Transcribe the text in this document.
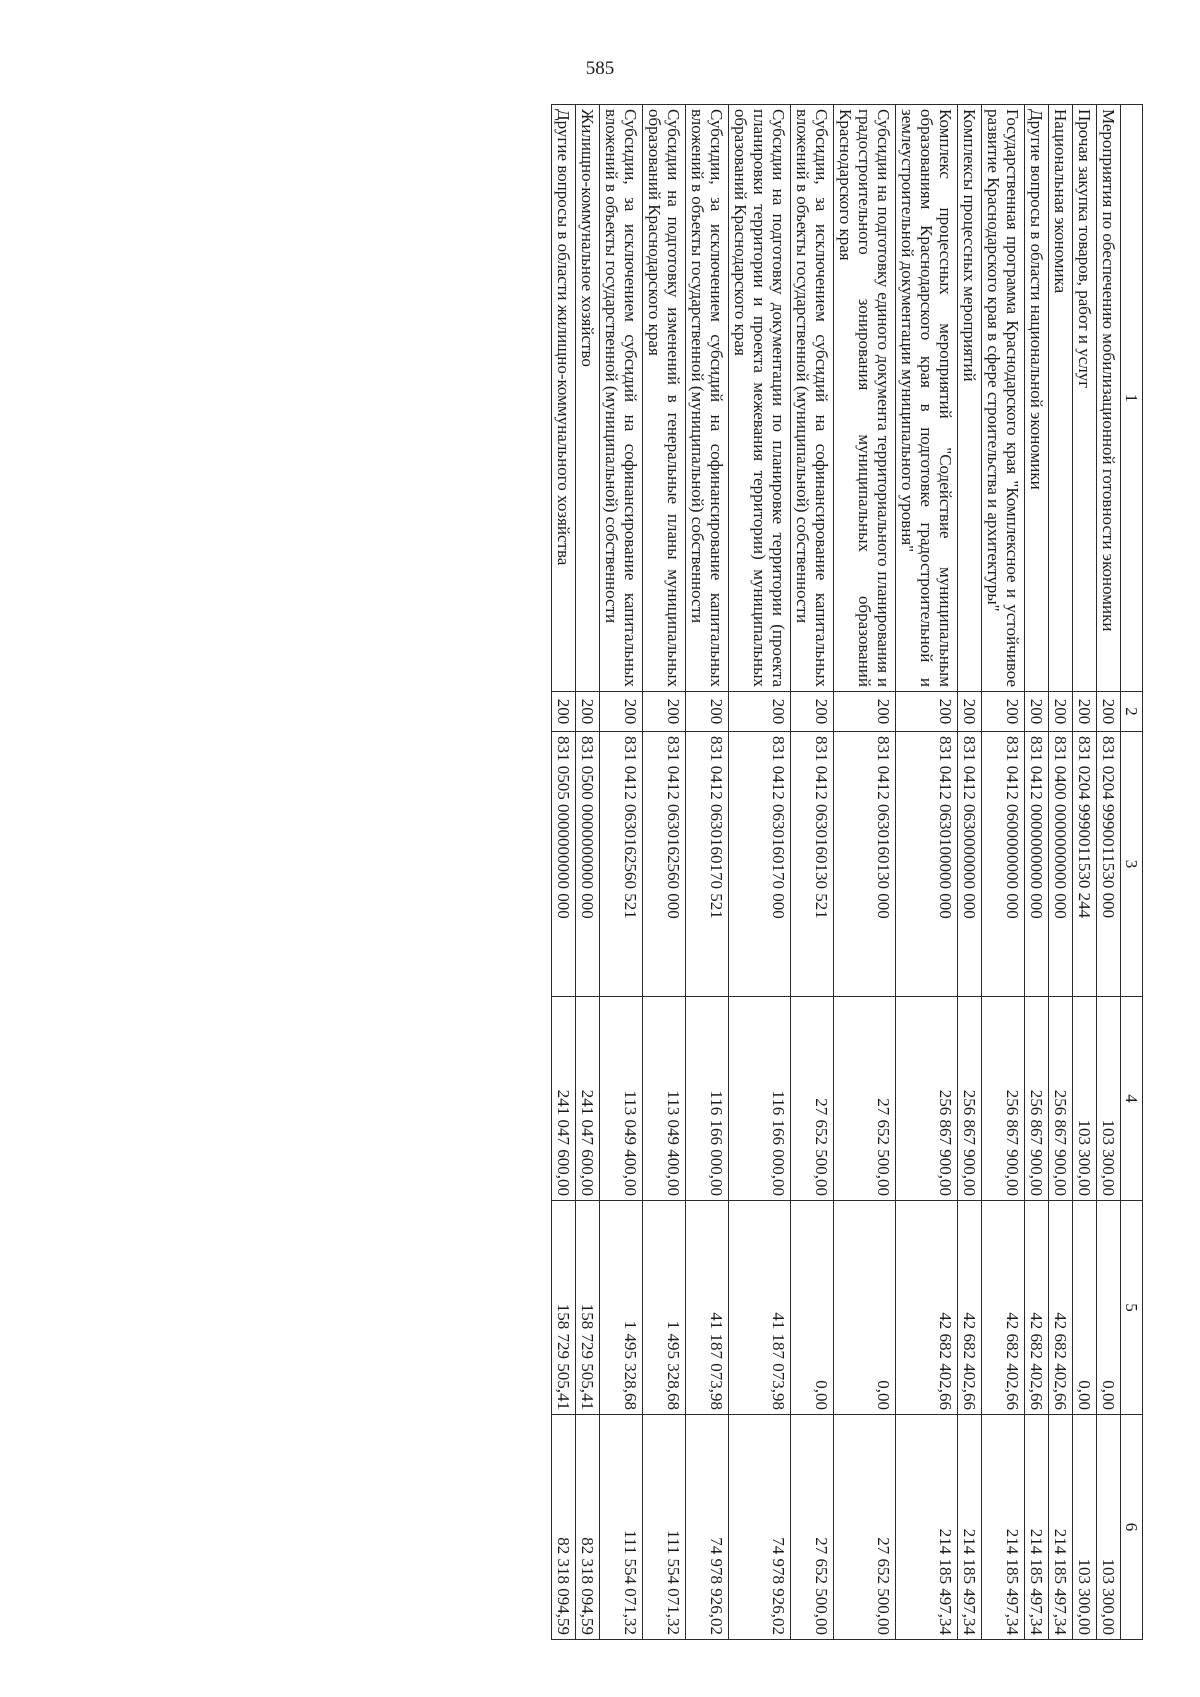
585
1	2	3	4	5	6
Мероприятия по обеспечению мобилизационной готовности экономики	200	831 0204 9990011530 000	103 300,00	0,00	103 300,00
Прочая закупка товаров, работ и услуг	200	831 0204 9990011530 244	103 300,00	0,00	103 300,00
Национальная экономика	200	831 0400 0000000000 000	256 867 900,00	42 682 402,66	214 185 497,34
Другие вопросы в области национальной экономики	200	831 0412 0000000000 000	256 867 900,00	42 682 402,66	214 185 497,34
Государственная программа Краснодарского края "Комплексное и устойчивое развитие Краснодарского края в сфере строительства и архитектуры"	200	831 0412 0600000000 000	256 867 900,00	42 682 402,66	214 185 497,34
Комплексы процессных мероприятий	200	831 0412 0630000000 000	256 867 900,00	42 682 402,66	214 185 497,34
Комплекс процессных мероприятий "Содействие муниципальным образованиям Краснодарского края в подготовке градостроительной и землеустроительной документации муниципального уровня"	200	831 0412 0630100000 000	256 867 900,00	42 682 402,66	214 185 497,34
Субсидии на подготовку единого документа территориального планирования и градостроительного зонирования муниципальных образований Краснодарского края	200	831 0412 0630160130 000	27 652 500,00	0,00	27 652 500,00
Субсидии, за исключением субсидий на софинансирование капитальных вложений в объекты государственной (муниципальной) собственности	200	831 0412 0630160130 521	27 652 500,00	0,00	27 652 500,00
Субсидии на подготовку документации по планировке территории (проекта планировки территории и проекта межевания территории) муниципальных образований Краснодарского края	200	831 0412 0630160170 000	116 166 000,00	41 187 073,98	74 978 926,02
Субсидии, за исключением субсидий на софинансирование капитальных вложений в объекты государственной (муниципальной) собственности	200	831 0412 0630160170 521	116 166 000,00	41 187 073,98	74 978 926,02
Субсидии на подготовку изменений в генеральные планы муниципальных образований Краснодарского края	200	831 0412 0630162560 000	113 049 400,00	1 495 328,68	111 554 071,32
Субсидии, за исключением субсидий на софинансирование капитальных вложений в объекты государственной (муниципальной) собственности	200	831 0412 0630162560 521	113 049 400,00	1 495 328,68	111 554 071,32
Жилищно-коммунальное хозяйство	200	831 0500 0000000000 000	241 047 600,00	158 729 505,41	82 318 094,59
Другие вопросы в области жилищно-коммунального хозяйства	200	831 0505 0000000000 000	241 047 600,00	158 729 505,41	82 318 094,59
